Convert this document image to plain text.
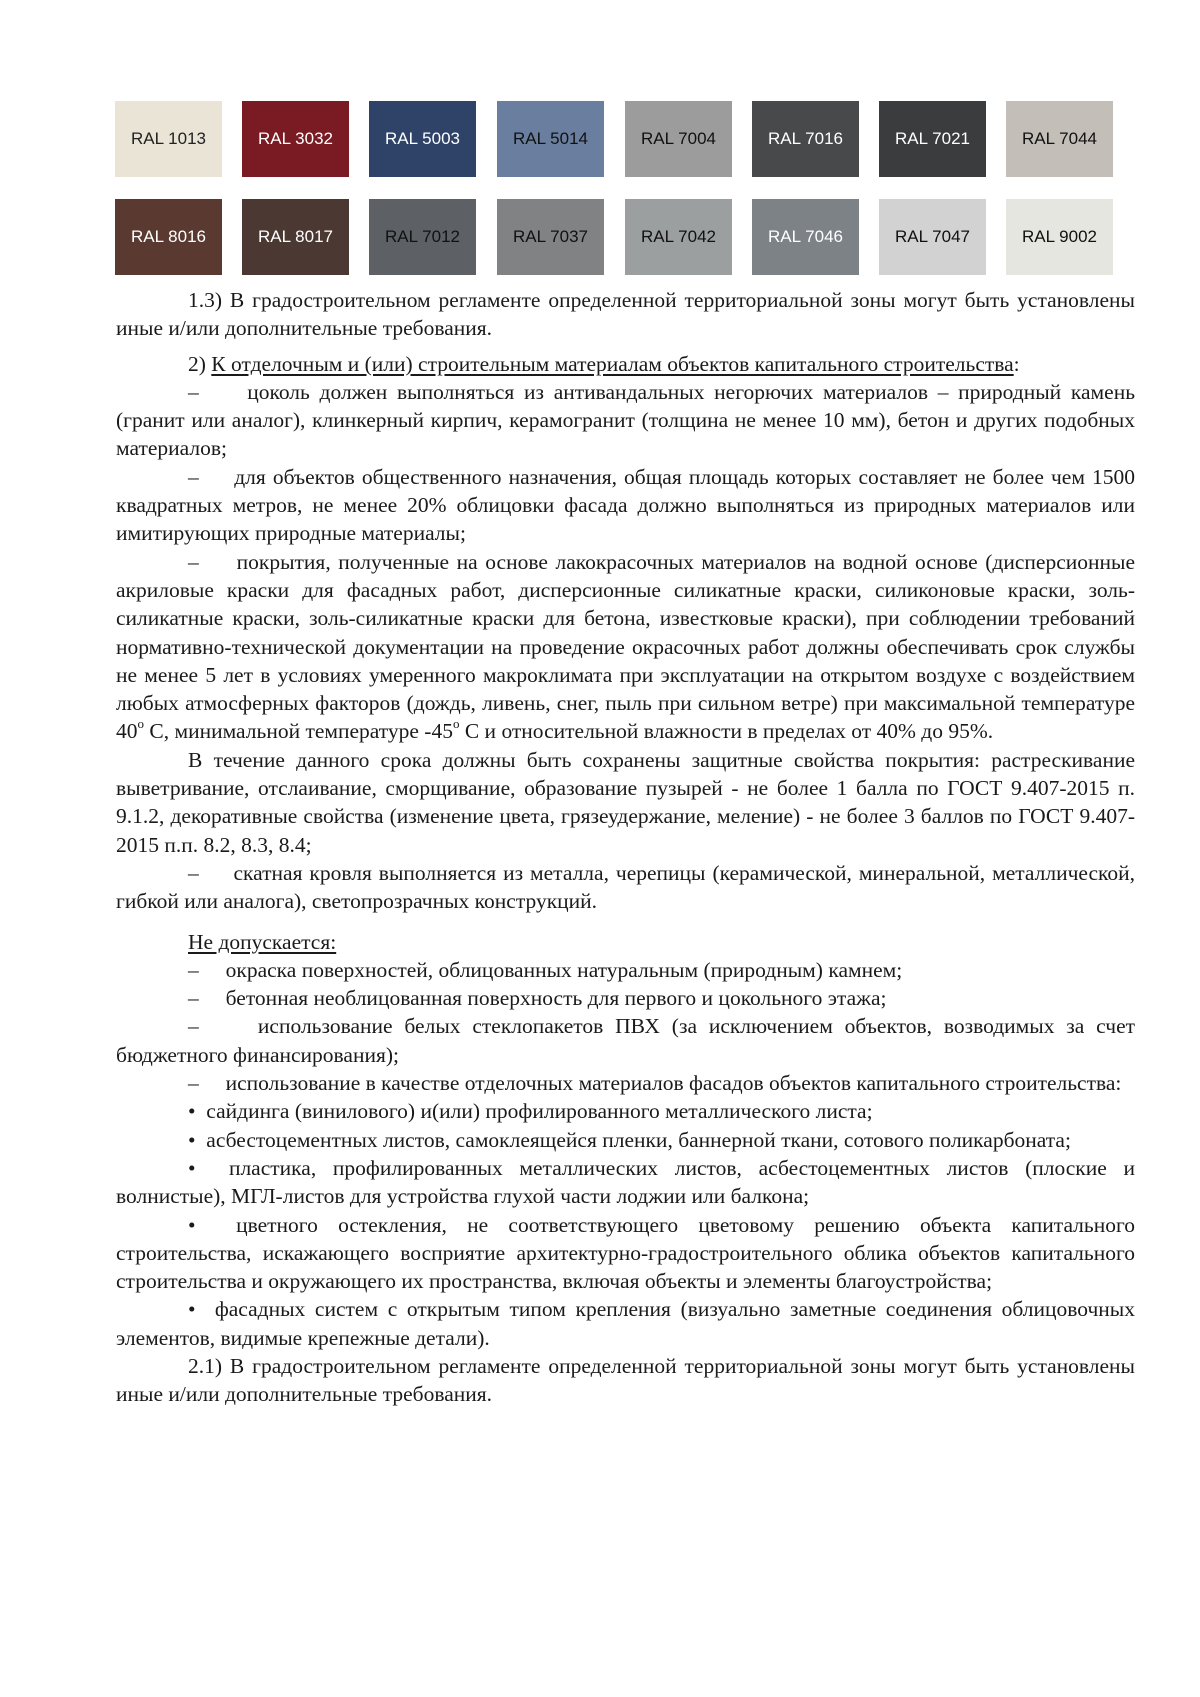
RAL 1013	RAL 3032	RAL 5003	RAL 5014	RAL 7004	RAL 7016	RAL 7021	RAL 7044
RAL 8016	RAL 8017	RAL 7012	RAL 7037	RAL 7042	RAL 7046	RAL 7047	RAL 9002

1.3) В градостроительном регламенте определенной территориальной зоны могут быть установлены иные и/или дополнительные требования.

2) К отделочным и (или) строительным материалам объектов капитального строительства:

– цоколь должен выполняться из антивандальных негорючих материалов – природный камень (гранит или аналог), клинкерный кирпич, керамогранит (толщина не менее 10 мм), бетон и других подобных материалов;

– для объектов общественного назначения, общая площадь которых составляет не более чем 1500 квадратных метров, не менее 20% облицовки фасада должно выполняться из природных материалов или имитирующих природные материалы;

– покрытия, полученные на основе лакокрасочных материалов на водной основе (дисперсионные акриловые краски для фасадных работ, дисперсионные силикатные краски, силиконовые краски, золь-силикатные краски, золь-силикатные краски для бетона, известковые краски), при соблюдении требований нормативно-технической документации на проведение окрасочных работ должны обеспечивать срок службы не менее 5 лет в условиях умеренного макроклимата при эксплуатации на открытом воздухе с воздействием любых атмосферных факторов (дождь, ливень, снег, пыль при сильном ветре) при максимальной температуре $40^о$ С, минимальной температуре $-45^о$ С и относительной влажности в пределах от 40% до 95%.

В течение данного срока должны быть сохранены защитные свойства покрытия: растрескивание выветривание, отслаивание, сморщивание, образование пузырей - не более 1 балла по ГОСТ 9.407-2015 п. 9.1.2, декоративные свойства (изменение цвета, грязеудержание, меление) - не более 3 баллов по ГОСТ 9.407-2015 п.п. 8.2, 8.3, 8.4;

– скатная кровля выполняется из металла, черепицы (керамической, минеральной, металлической, гибкой или аналога), светопрозрачных конструкций.

Не допускается:

– окраска поверхностей, облицованных натуральным (природным) камнем;

– бетонная необлицованная поверхность для первого и цокольного этажа;

–	использование белых стеклопакетов ПВХ (за исключением объектов, возводимых за счет бюджетного финансирования);

– использование в качестве отделочных материалов фасадов объектов капитального строительства:

• сайдинга (винилового) и(или) профилированного металлического листа;

• асбестоцементных листов, самоклеящейся пленки, баннерной ткани, сотового поликарбоната;

• пластика, профилированных металлических листов, асбестоцементных листов (плоские и волнистые), МГЛ-листов для устройства глухой части лоджии или балкона;

• цветного остекления, не соответствующего цветовому решению объекта капитального строительства, искажающего восприятие архитектурно-градостроительного облика объектов капитального строительства и окружающего их пространства, включая объекты и элементы благоустройства;

• фасадных систем с открытым типом крепления (визуально заметные соединения облицовочных элементов, видимые крепежные детали).

2.1) В градостроительном регламенте определенной территориальной зоны могут быть установлены иные и/или дополнительные требования.
